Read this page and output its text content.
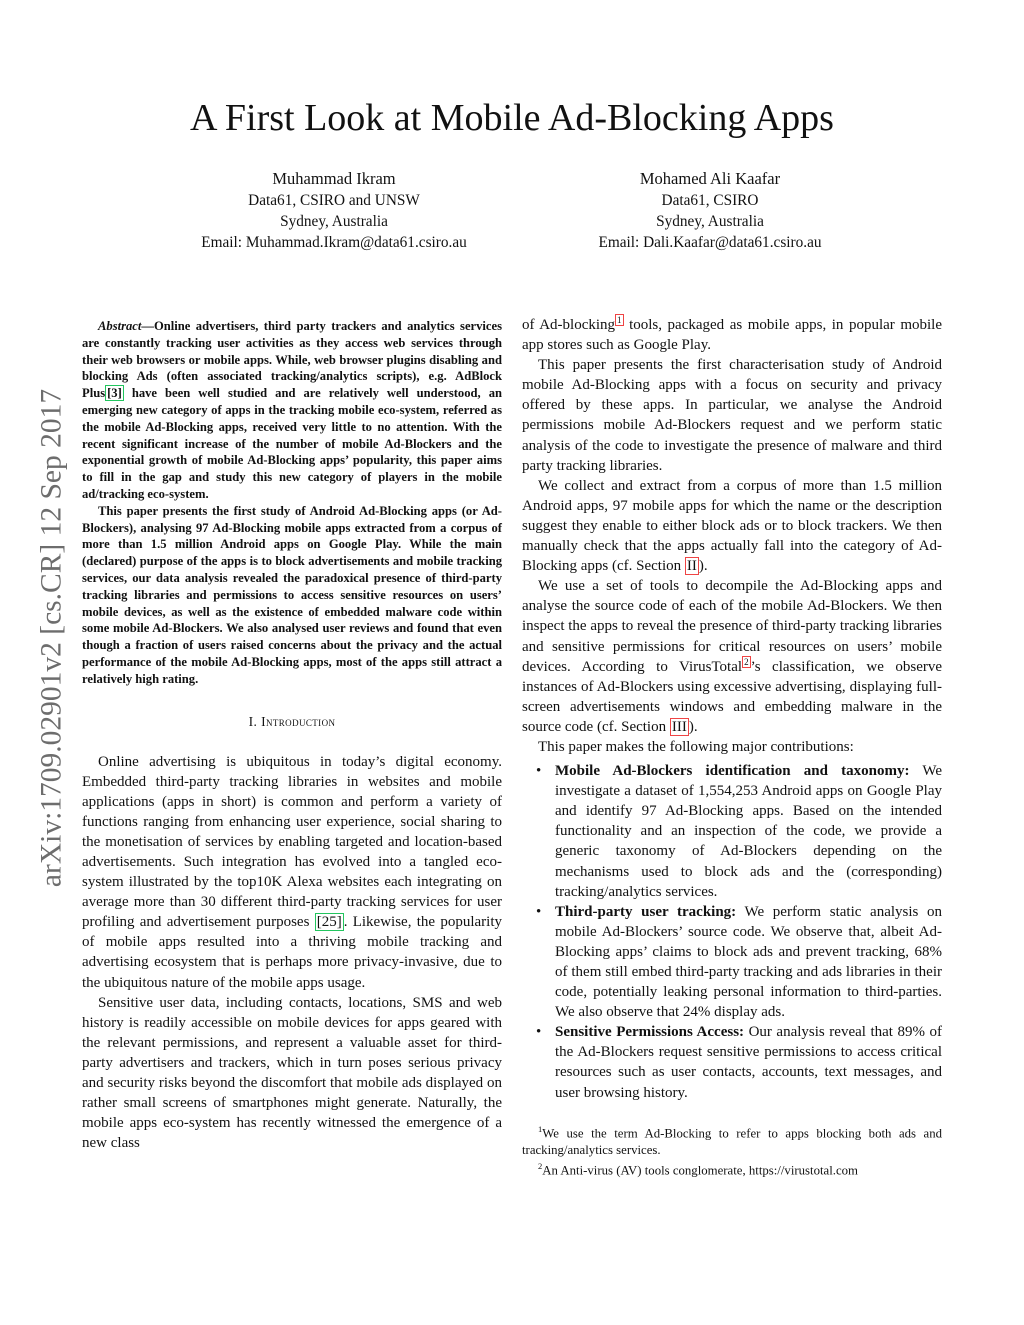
arXiv:1709.02901v2 [cs.CR] 12 Sep 2017
A First Look at Mobile Ad-Blocking Apps
Muhammad Ikram
Data61, CSIRO and UNSW
Sydney, Australia
Email: Muhammad.Ikram@data61.csiro.au
Mohamed Ali Kaafar
Data61, CSIRO
Sydney, Australia
Email: Dali.Kaafar@data61.csiro.au

Abstract—Online advertisers, third party trackers and analytics services are constantly tracking user activities as they access web services through their web browsers or mobile apps. While, web browser plugins disabling and blocking Ads (often associated tracking/analytics scripts), e.g. AdBlock Plus [3] have been well studied and are relatively well understood, an emerging new category of apps in the tracking mobile eco-system, referred as the mobile Ad-Blocking apps, received very little to no attention. With the recent significant increase of the number of mobile Ad-Blockers and the exponential growth of mobile Ad-Blocking apps’ popularity, this paper aims to fill in the gap and study this new category of players in the mobile ad/tracking eco-system.

This paper presents the first study of Android Ad-Blocking apps (or Ad-Blockers), analysing 97 Ad-Blocking mobile apps extracted from a corpus of more than 1.5 million Android apps on Google Play. While the main (declared) purpose of the apps is to block advertisements and mobile tracking services, our data analysis revealed the paradoxical presence of third-party tracking libraries and permissions to access sensitive resources on users’ mobile devices, as well as the existence of embedded malware code within some mobile Ad-Blockers. We also analysed user reviews and found that even though a fraction of users raised concerns about the privacy and the actual performance of the mobile Ad-Blocking apps, most of the apps still attract a relatively high rating.

I. Introduction

Online advertising is ubiquitous in today’s digital economy. Embedded third-party tracking libraries in websites and mobile applications (apps in short) is common and perform a variety of functions ranging from enhancing user experience, social sharing to the monetisation of services by enabling targeted and location-based advertisements. Such integration has evolved into a tangled eco-system illustrated by the top10K Alexa websites each integrating on average more than 30 different third-party tracking services for user profiling and advertisement purposes [25] . Likewise, the popularity of mobile apps resulted into a thriving mobile tracking and advertising ecosystem that is perhaps more privacy-invasive, due to the ubiquitous nature of the mobile apps usage.

Sensitive user data, including contacts, locations, SMS and web history is readily accessible on mobile devices for apps geared with the relevant permissions, and represent a valuable asset for third-party advertisers and trackers, which in turn poses serious privacy and security risks beyond the discomfort that mobile ads displayed on rather small screens of smartphones might generate. Naturally, the mobile apps eco-system has recently witnessed the emergence of a new class

of Ad-blocking $^1$ tools, packaged as mobile apps, in popular mobile app stores such as Google Play.

This paper presents the first characterisation study of Android mobile Ad-Blocking apps with a focus on security and privacy offered by these apps. In particular, we analyse the Android permissions mobile Ad-Blockers request and we perform static analysis of the code to investigate the presence of malware and third party tracking libraries.

We collect and extract from a corpus of more than 1.5 million Android apps, 97 mobile apps for which the name or the description suggest they enable to either block ads or to block trackers. We then manually check that the apps actually fall into the category of Ad-Blocking apps (cf. Section II ).

We use a set of tools to decompile the Ad-Blocking apps and analyse the source code of each of the mobile Ad-Blockers. We then inspect the apps to reveal the presence of third-party tracking libraries and sensitive permissions for critical resources on users’ mobile devices. According to VirusTotal $^2$ ’s classification, we observe instances of Ad-Blockers using excessive advertising, displaying full-screen advertisements windows and embedding malware in the source code (cf. Section III ).

This paper makes the following major contributions:

• Mobile Ad-Blockers identification and taxonomy: We investigate a dataset of 1,554,253 Android apps on Google Play and identify 97 Ad-Blocking apps. Based on the intended functionality and an inspection of the code, we provide a generic taxonomy of Ad-Blockers depending on the mechanisms used to block ads and the (corresponding) tracking/analytics services.
• Third-party user tracking: We perform static analysis on mobile Ad-Blockers’ source code. We observe that, albeit Ad-Blocking apps’ claims to block ads and prevent tracking, 68% of them still embed third-party tracking and ads libraries in their code, potentially leaking personal information to third-parties. We also observe that 24% display ads.
• Sensitive Permissions Access: Our analysis reveal that 89% of the Ad-Blockers request sensitive permissions to access critical resources such as user contacts, accounts, text messages, and user browsing history.
$^1$We use the term Ad-Blocking to refer to apps blocking both ads and tracking/analytics services.
$^2$An Anti-virus (AV) tools conglomerate, https://virustotal.com
